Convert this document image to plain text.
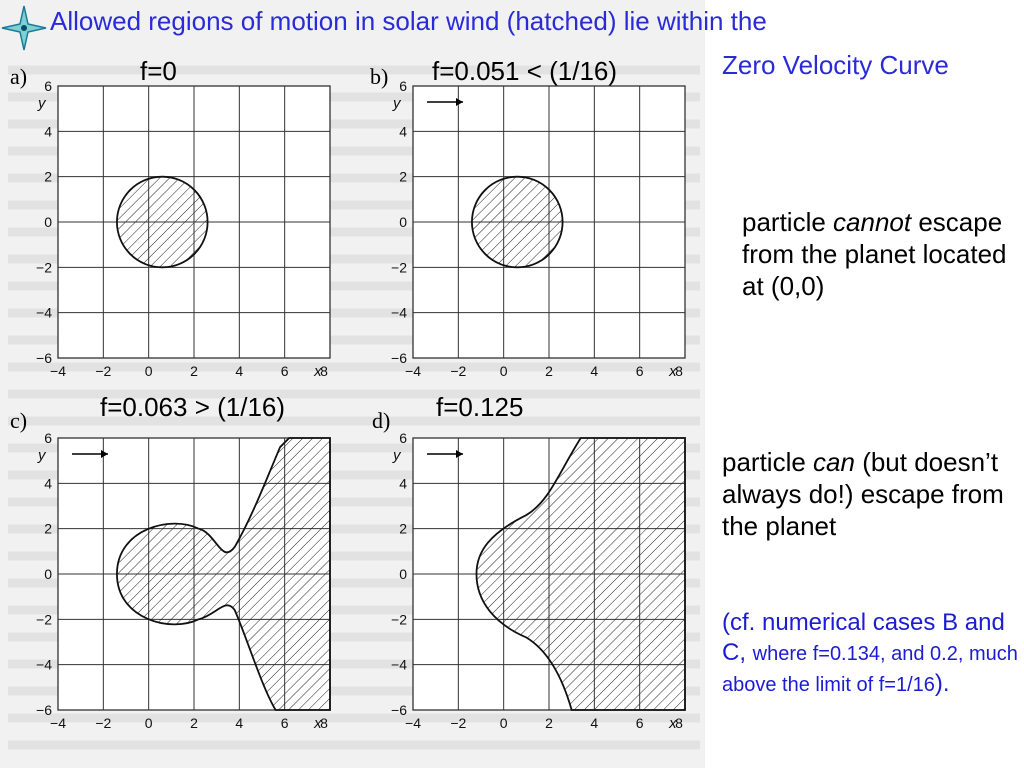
Allowed regions of motion in solar wind (hatched) lie within the
Zero Velocity Curve
a)	b)
c)	d)
f=0	f=0.051 < (1/16)
f=0.063 > (1/16)	f=0.125
y
6
4
2
0
−2
−4
−6
−4 −2 0	2	4	6 8
x
y
6
4
2
0
−2
−4
−6
−4 −2 0	2	4	6 8
x
y
6
4
2
0
−2
−4
−6
−4 −2 0	2	4	6 8
x
y
6
4
2
0
−2
−4
−6
−4 −2 0	2	4	6 8
x
particle cannot escape from the planet located at (0,0)
particle can (but doesn’t always do!) escape from the planet
(cf. numerical cases B and C, where f=0.134, and 0.2, much above the limit of f=1/16).
